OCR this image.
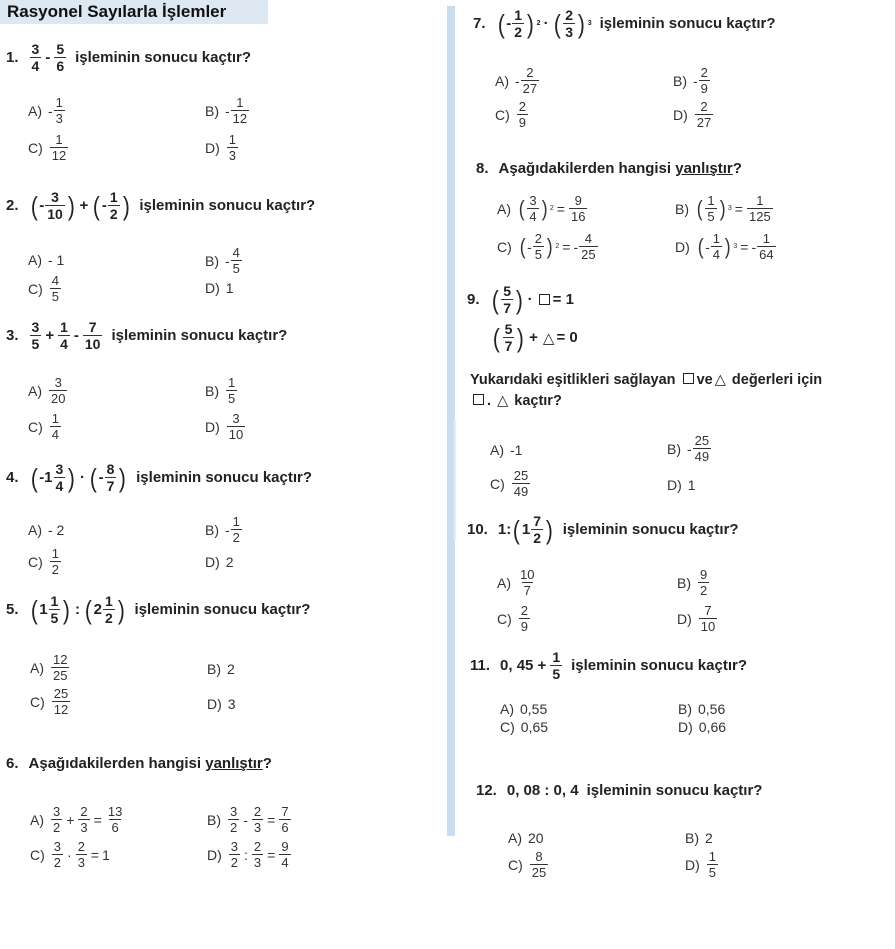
Rasyonel Sayılarla İşlemler
1. $\frac{3}{4} - \frac{5}{6}$ işleminin sonucu kaçtır?
$A) - \frac{1}{3}$	$B) - \frac{1}{12}$
$C) \frac{1}{12}$	$D) \frac{1}{3}$
2. ( - $\frac{3}{10}$ ) + ( - $\frac{1}{2}$ ) işleminin sonucu kaçtır?
A) - 1	$B) - \frac{4}{5}$
$C) \frac{4}{5}$	D) 1
3. $\frac{3}{5} + \frac{1}{4} - \frac{7}{10}$ işleminin sonucu kaçtır?
$A) \frac{3}{20}$	$B) \frac{1}{5}$
$C) \frac{1}{4}$	$D) \frac{3}{10}$
4. ( $-1 \frac{3}{4}$ ) · ( - $\frac{8}{7}$ ) işleminin sonucu kaçtır?
A) - 2	$B) - \frac{1}{2}$
$C) \frac{1}{2}$	D) 2
5. ( $1 \frac{1}{5}$ ) : ( $2 \frac{1}{2}$ ) işleminin sonucu kaçtır?
$A) \frac{12}{25}$	B) 2
$C) \frac{25}{12}$	D) 3
6. Aşağıdakilerden hangisi
yanlıştır ?
$A) \frac{3}{2} + \frac{2}{3} = \frac{13}{6}$	$B) \frac{3}{2} - \frac{2}{3} = \frac{7}{6}$
$C) \frac{3}{2} \cdot \frac{2}{3} = 1$	$D) \frac{3}{2}$ : $\frac{2}{3} = \frac{9}{4}$
7. ( - $\frac{1}{2}$ ) 2 · ( $\frac{2}{3}$ ) 3 işleminin sonucu kaçtır?
$A) - \frac{2}{27}$	$B) - \frac{2}{9}$
$C) \frac{2}{9}$	$D) \frac{2}{27}$
8. Aşağıdakilerden hangisi
yanlıştır ?
A) ( $\frac{3}{4}$ ) $2 = \frac{9}{16}$	B) ( $\frac{1}{5}$ ) $3 = \frac{1}{125}$
C) ( - $\frac{2}{5}$ ) 2 = - $\frac{4}{25}$	D) ( - $\frac{1}{4}$ ) 3 = - $\frac{1}{64}$
9. ( $\frac{5}{7}$ ) · = 1
( $\frac{5}{7}$ ) + △ = 0
Yukarıdaki eşitlikleri sağlayan ve △ değerleri için
. △ kaçtır?
A) -1	$B) - \frac{25}{49}$
$C) \frac{25}{49}$	D) 1
10. 1: ( $1 \frac{7}{2}$ ) işleminin sonucu kaçtır?
$A) \frac{10}{7}$	$B) \frac{9}{2}$
$C) \frac{2}{9}$	$D) \frac{7}{10}$
11. 0, $45 + \frac{1}{5}$ işleminin sonucu kaçtır?
A) 0,55	B) 0,56
C) 0,65	D) 0,66
12. 0, 08 : 0, 4 işleminin sonucu kaçtır?
A) 20	B) 2
$C) \frac{8}{25}$	$D) \frac{1}{5}$
